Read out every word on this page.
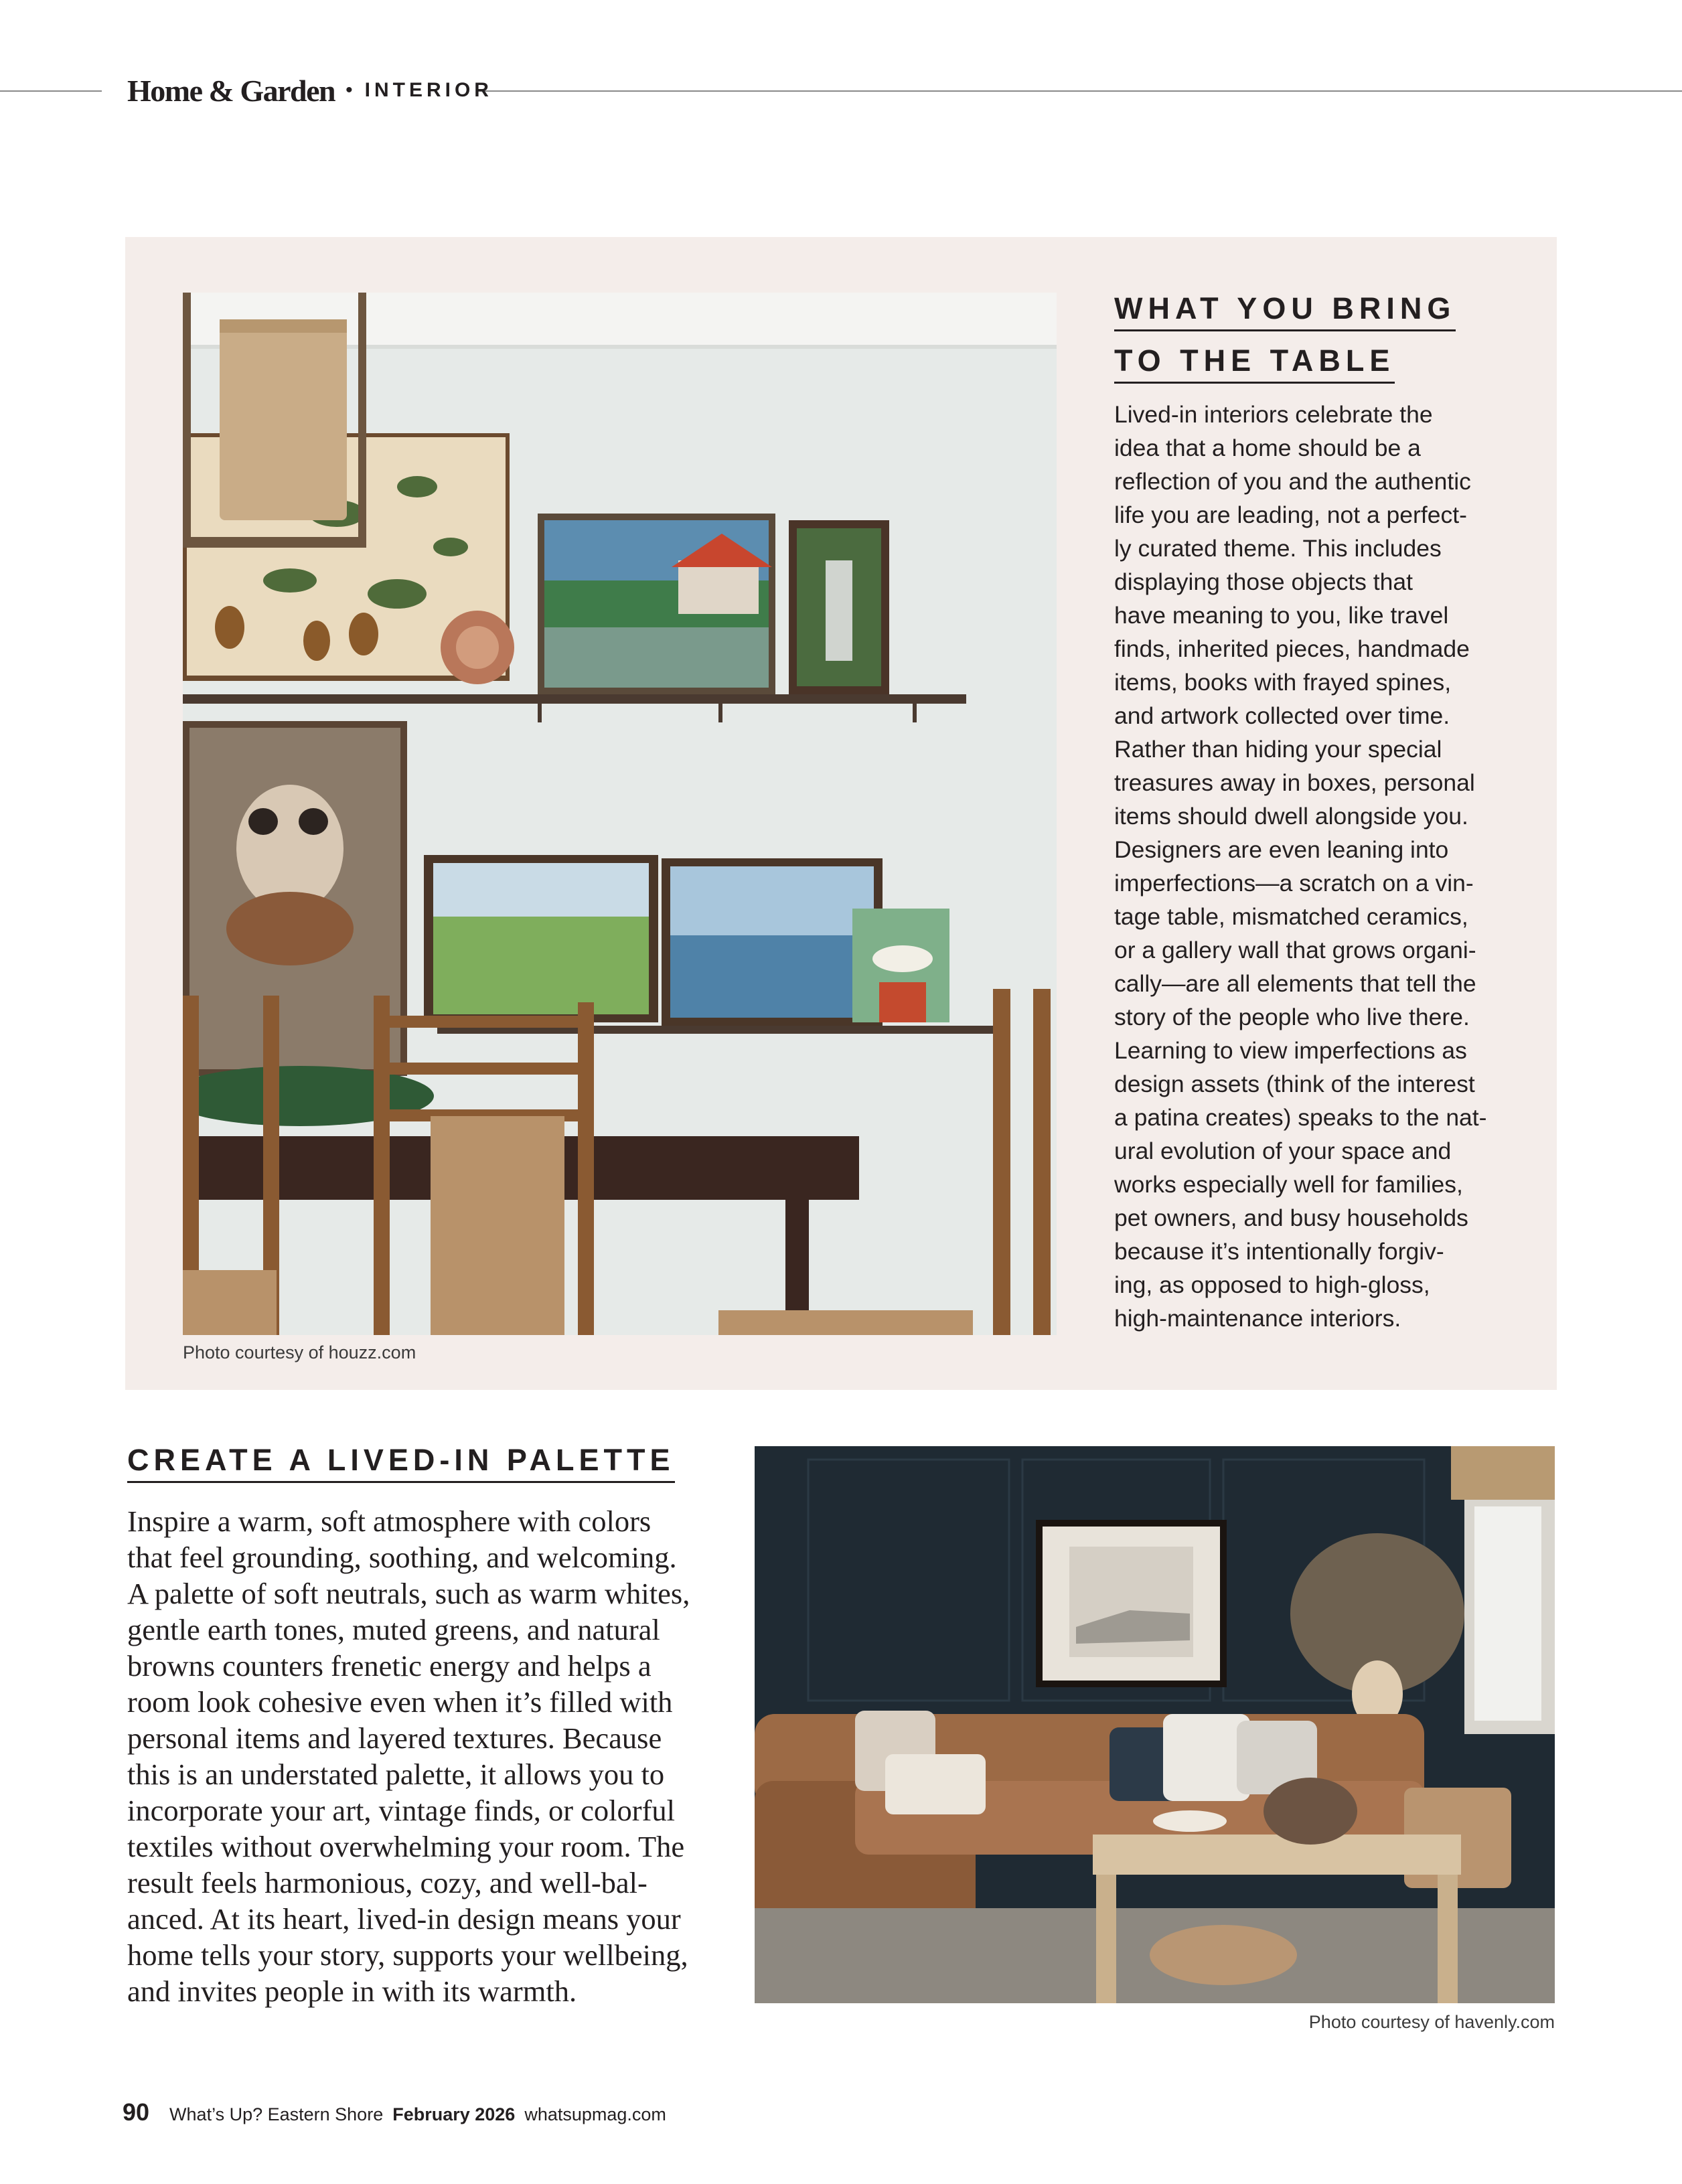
Home & Garden • INTERIOR
Photo courtesy of houzz.com
WHAT YOU BRING
TO THE TABLE
Lived-in interiors celebrate the
idea that a home should be a
reflection of you and the authentic
life you are leading, not a perfect-
ly curated theme. This includes
displaying those objects that
have meaning to you, like travel
finds, inherited pieces, handmade
items, books with frayed spines,
and artwork collected over time.
Rather than hiding your special
treasures away in boxes, personal
items should dwell alongside you.
Designers are even leaning into
imperfections—a scratch on a vin-
tage table, mismatched ceramics,
or a gallery wall that grows organi-
cally—are all elements that tell the
story of the people who live there.
Learning to view imperfections as
design assets (think of the interest
a patina creates) speaks to the nat-
ural evolution of your space and
works especially well for families,
pet owners, and busy households
because it’s intentionally forgiv-
ing, as opposed to high-gloss,
high-maintenance interiors.
CREATE A LIVED-IN PALETTE
Inspire a warm, soft atmosphere with colors
that feel grounding, soothing, and welcoming.
A palette of soft neutrals, such as warm whites,
gentle earth tones, muted greens, and natural
browns counters frenetic energy and helps a
room look cohesive even when it’s filled with
personal items and layered textures. Because
this is an understated palette, it allows you to
incorporate your art, vintage finds, or colorful
textiles without overwhelming your room. The
result feels harmonious, cozy, and well-bal-
anced. At its heart, lived-in design means your
home tells your story, supports your wellbeing,
and invites people in with its warmth.
Photo courtesy of havenly.com
90 What’s Up? Eastern Shore February 2026 whatsupmag.com
